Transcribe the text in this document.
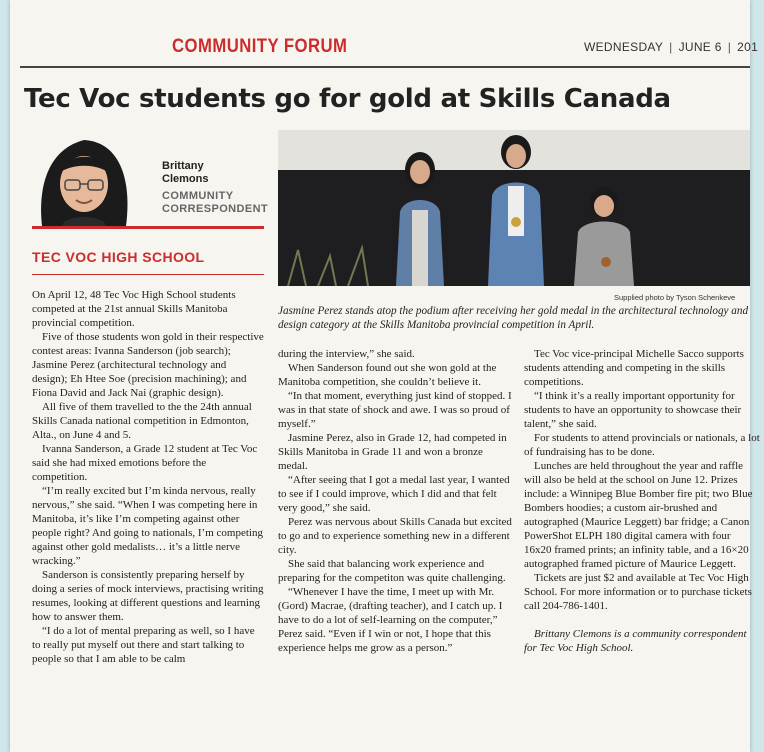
COMMUNITY FORUM	WEDNESDAY | JUNE 6 | 201
Tec Voc students go for gold at Skills Canada
Brittany
Clemons
COMMUNITY
CORRESPONDENT
TEC VOC HIGH SCHOOL
Supplied photo by Tyson Schenkeve
Jasmine Perez stands atop the podium after receiving her gold medal in the architectural technology and design category at the Skills Manitoba provincial competition in April.

On April 12, 48 Tec Voc High School students competed at the 21st annual Skills Manitoba provincial competition.

Five of those students won gold in their respective contest areas: Ivanna Sanderson (job search); Jasmine Perez (architectural technology and design); Eh Htee Soe (precision machining); and Fiona David and Jack Nai (graphic design).

All five of them travelled to the the 24th annual Skills Canada national competition in Edmonton, Alta., on June 4 and 5.

Ivanna Sanderson, a Grade 12 student at Tec Voc said she had mixed emotions before the competition.

“I’m really excited but I’m kinda nervous, really nervous,” she said. “When I was competing here in Manitoba, it’s like I’m competing against other people right? And going to nationals, I’m competing against other gold medalists… it’s a little nerve wracking.”

Sanderson is consistently preparing herself by doing a series of mock interviews, practising writing resumes, looking at different questions and learning how to answer them.

“I do a lot of mental preparing as well, so I have to really put myself out there and start talking to people so that I am able to be calm

during the interview,” she said.

When Sanderson found out she won gold at the Manitoba competition, she couldn’t believe it.

“In that moment, everything just kind of stopped. I was in that state of shock and awe. I was so proud of myself.”

Jasmine Perez, also in Grade 12, had competed in Skills Manitoba in Grade 11 and won a bronze medal.

“After seeing that I got a medal last year, I wanted to see if I could improve, which I did and that felt very good,” she said.

Perez was nervous about Skills Canada but excited to go and to experience something new in a different city.

She said that balancing work experience and preparing for the competiton was quite challenging.

“Whenever I have the time, I meet up with Mr. (Gord) Macrae, (drafting teacher), and I catch up. I have to do a lot of self-learning on the computer,” Perez said. “Even if I win or not, I hope that this experience helps me grow as a person.”

Tec Voc vice-principal Michelle Sacco supports students attending and competing in the skills competitions.

“I think it’s a really important opportunity for students to have an opportunity to showcase their talent,” she said.

For students to attend provincials or nationals, a lot of fundraising has to be done.

Lunches are held throughout the year and raffle will also be held at the school on June 12. Prizes include: a Winnipeg Blue Bomber fire pit; two Blue Bombers hoodies; a custom air-brushed and autographed (Maurice Leggett) bar fridge; a Canon PowerShot ELPH 180 digital camera with four 16x20 framed prints; an infinity table, and a 16×20 autographed framed picture of Maurice Leggett.

Tickets are just $2 and available at Tec Voc High School. For more information or to purchase tickets call 204-786-1401.

Brittany Clemons is a community correspondent for Tec Voc High School.
